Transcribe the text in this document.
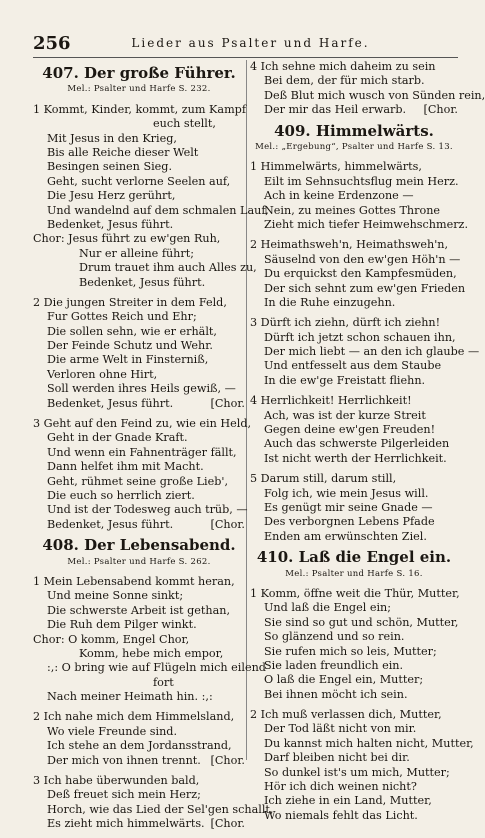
256	Lieder aus Psalter und Harfe.
407. Der große Führer.
Mel.: Psalter und Harfe S. 232.
1 Kommt, Kinder, kommt, zum Kampf
euch stellt,
Mit Jesus in den Krieg,
Bis alle Reiche dieser Welt
Besingen seinen Sieg.
Geht, sucht verlorne Seelen auf,
Die Jesu Herz gerührt,
Und wandelnd auf dem schmalen Lauf,
Bedenket, Jesus führt.
Chor: Jesus führt zu ew'gen Ruh,
Nur er alleine führt;
Drum trauet ihm auch Alles zu,
Bedenket, Jesus führt.
2 Die jungen Streiter in dem Feld,
Fur Gottes Reich und Ehr;
Die sollen sehn, wie er erhält,
Der Feinde Schutz und Wehr.
Die arme Welt in Finsterniß,
Verloren ohne Hirt,
Soll werden ihres Heils gewiß, —
Bedenket, Jesus führt.	[Chor.
3 Geht auf den Feind zu, wie ein Held,
Geht in der Gnade Kraft.
Und wenn ein Fahnenträger fällt,
Dann helfet ihm mit Macht.
Geht, rühmet seine große Lieb',
Die euch so herrlich ziert.
Und ist der Todesweg auch trüb, —
Bedenket, Jesus führt.	[Chor.
408. Der Lebensabend.
Mel.: Psalter und Harfe S. 262.
1 Mein Lebensabend kommt heran,
Und meine Sonne sinkt;
Die schwerste Arbeit ist gethan,
Die Ruh dem Pilger winkt.
Chor: O komm, Engel Chor,
Komm, hebe mich empor,
:,: O bring wie auf Flügeln mich eilend
fort
Nach meiner Heimath hin. :,:
2 Ich nahe mich dem Himmelsland,
Wo viele Freunde sind.
Ich stehe an dem Jordansstrand,
Der mich von ihnen trennt. [Chor.
3 Ich habe überwunden bald,
Deß freuet sich mein Herz;
Horch, wie das Lied der Sel'gen schallt,
Es zieht mich himmelwärts. [Chor.
4 Ich sehne mich daheim zu sein
Bei dem, der für mich starb.
Deß Blut mich wusch von Sünden rein,
Der mir das Heil erwarb. [Chor.
409. Himmelwärts.
Mel.: „Ergebung“, Psalter und Harfe S. 13.
1 Himmelwärts, himmelwärts,
Eilt im Sehnsuchtsflug mein Herz.
Ach in keine Erdenzone —
Nein, zu meines Gottes Throne
Zieht mich tiefer Heimwehschmerz.
2 Heimathsweh'n, Heimathsweh'n,
Säuselnd von den ew'gen Höh'n —
Du erquickst den Kampfesmüden,
Der sich sehnt zum ew'gen Frieden
In die Ruhe einzugehn.
3 Dürft ich ziehn, dürft ich ziehn!
Dürft ich jetzt schon schauen ihn,
Der mich liebt — an den ich glaube —
Und entfesselt aus dem Staube
In die ew'ge Freistatt fliehn.
4 Herrlichkeit! Herrlichkeit!
Ach, was ist der kurze Streit
Gegen deine ew'gen Freuden!
Auch das schwerste Pilgerleiden
Ist nicht werth der Herrlichkeit.
5 Darum still, darum still,
Folg ich, wie mein Jesus will.
Es genügt mir seine Gnade —
Des verborgnen Lebens Pfade
Enden am erwünschten Ziel.
410. Laß die Engel ein.
Mel.: Psalter und Harfe S. 16.
1 Komm, öffne weit die Thür, Mutter,
Und laß die Engel ein;
Sie sind so gut und schön, Mutter,
So glänzend und so rein.
Sie rufen mich so leis, Mutter;
Sie laden freundlich ein.
O laß die Engel ein, Mutter;
Bei ihnen möcht ich sein.
2 Ich muß verlassen dich, Mutter,
Der Tod läßt nicht von mir.
Du kannst mich halten nicht, Mutter,
Darf bleiben nicht bei dir.
So dunkel ist's um mich, Mutter;
Hör ich dich weinen nicht?
Ich ziehe in ein Land, Mutter,
Wo niemals fehlt das Licht.
